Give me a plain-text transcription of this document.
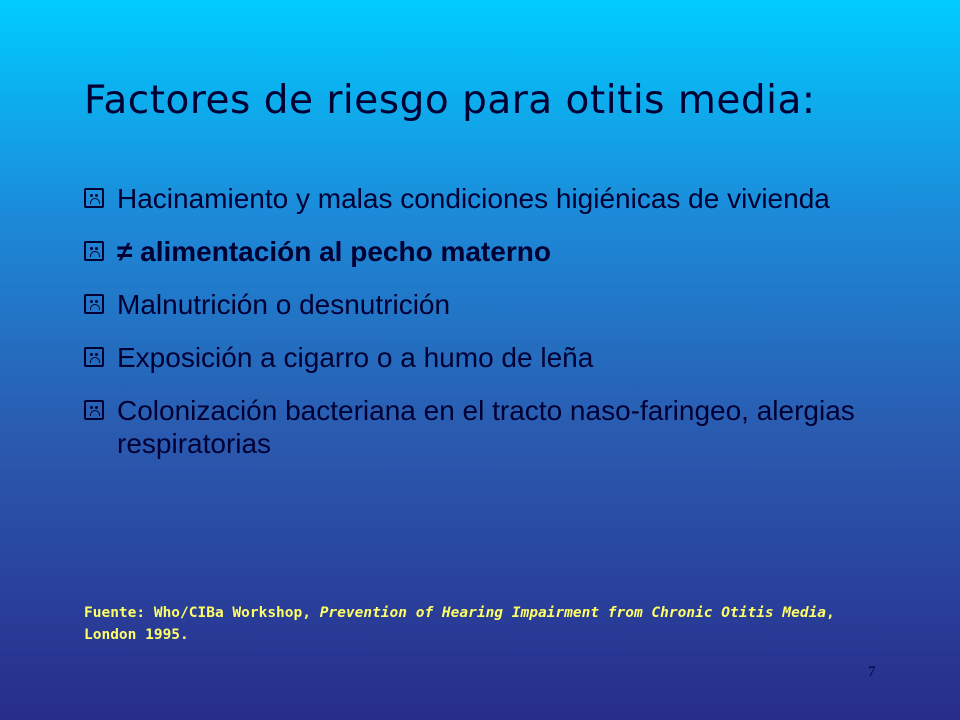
Factores de riesgo para otitis media:
Hacinamiento y malas condiciones higiénicas de vivienda
≠ alimentación al pecho materno
Malnutrición o desnutrición
Exposición a cigarro o a humo de leña
Colonización bacteriana en el tracto naso-faringeo, alergias respiratorias
Fuente: Who/CIBa Workshop, Prevention of Hearing Impairment from Chronic Otitis Media, London 1995.
7
